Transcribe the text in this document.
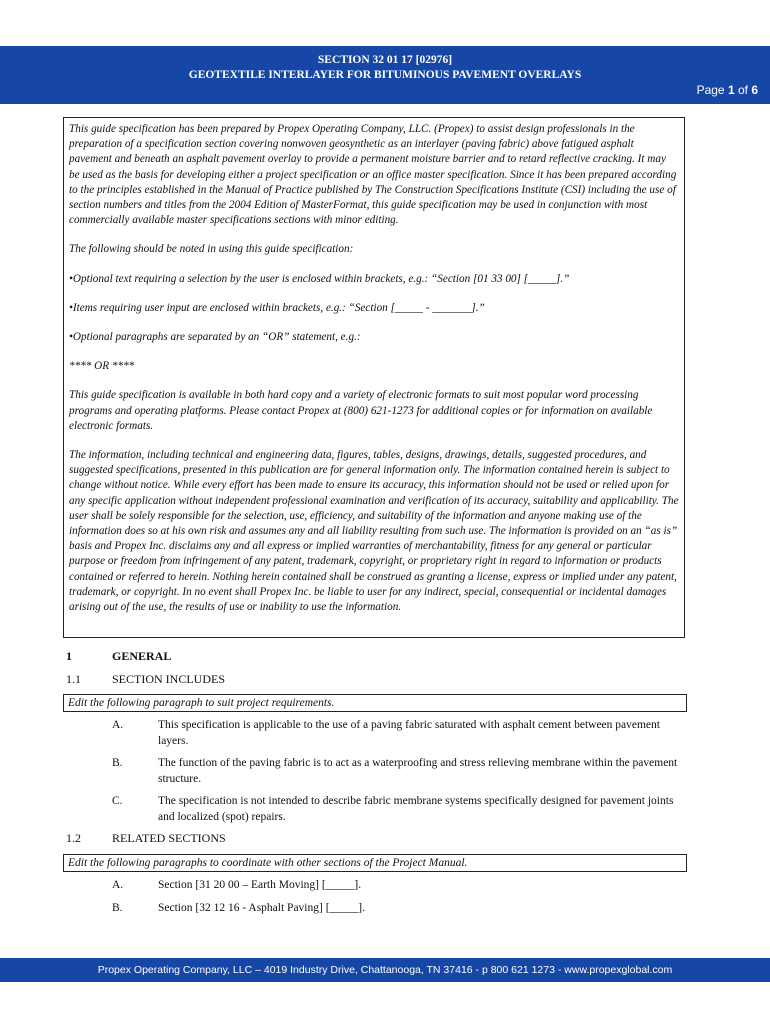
SECTION 32 01 17 [02976]
GEOTEXTILE INTERLAYER FOR BITUMINOUS PAVEMENT OVERLAYS
Page 1 of 6

This guide specification has been prepared by Propex Operating Company, LLC. (Propex) to assist design professionals in the preparation of a specification section covering nonwoven geosynthetic as an interlayer (paving fabric) above fatigued asphalt pavement and beneath an asphalt pavement overlay to provide a permanent moisture barrier and to retard reflective cracking. It may be used as the basis for developing either a project specification or an office master specification. Since it has been prepared according to the principles established in the Manual of Practice published by The Construction Specifications Institute (CSI) including the use of section numbers and titles from the 2004 Edition of MasterFormat, this guide specification may be used in conjunction with most commercially available master specifications sections with minor editing.

The following should be noted in using this guide specification:

•Optional text requiring a selection by the user is enclosed within brackets, e.g.: “Section [01 33 00] [_____].”

•Items requiring user input are enclosed within brackets, e.g.: “Section [_____ - _______].”

•Optional paragraphs are separated by an “OR” statement, e.g.:

**** OR ****

This guide specification is available in both hard copy and a variety of electronic formats to suit most popular word processing programs and operating platforms. Please contact Propex at (800) 621-1273 for additional copies or for information on available electronic formats.

The information, including technical and engineering data, figures, tables, designs, drawings, details, suggested procedures, and suggested specifications, presented in this publication are for general information only. The information contained herein is subject to change without notice. While every effort has been made to ensure its accuracy, this information should not be used or relied upon for any specific application without independent professional examination and verification of its accuracy, suitability and applicability. The user shall be solely responsible for the selection, use, efficiency, and suitability of the information and anyone making use of the information does so at his own risk and assumes any and all liability resulting from such use. The information is provided on an “as is” basis and Propex Inc. disclaims any and all express or implied warranties of merchantability, fitness for any general or particular purpose or freedom from infringement of any patent, trademark, copyright, or proprietary right in regard to information or products contained or referred to herein. Nothing herein contained shall be construed as granting a license, express or implied under any patent, trademark, or copyright. In no event shall Propex Inc. be liable to user for any indirect, special, consequential or incidental damages arising out of the use, the results of use or inability to use the information.

1	GENERAL
1.1	SECTION INCLUDES
Edit the following paragraph to suit project requirements.
A.	This specification is applicable to the use of a paving fabric saturated with asphalt cement between pavement layers.
B.	The function of the paving fabric is to act as a waterproofing and stress relieving membrane within the pavement structure.
C.	The specification is not intended to describe fabric membrane systems specifically designed for pavement joints and localized (spot) repairs.
1.2	RELATED SECTIONS
Edit the following paragraphs to coordinate with other sections of the Project Manual.
A.	Section [31 20 00 – Earth Moving] [_____].
B.	Section [32 12 16 - Asphalt Paving] [_____].
Propex Operating Company, LLC – 4019 Industry Drive, Chattanooga, TN 37416 - p 800 621 1273 - www.propexglobal.com
